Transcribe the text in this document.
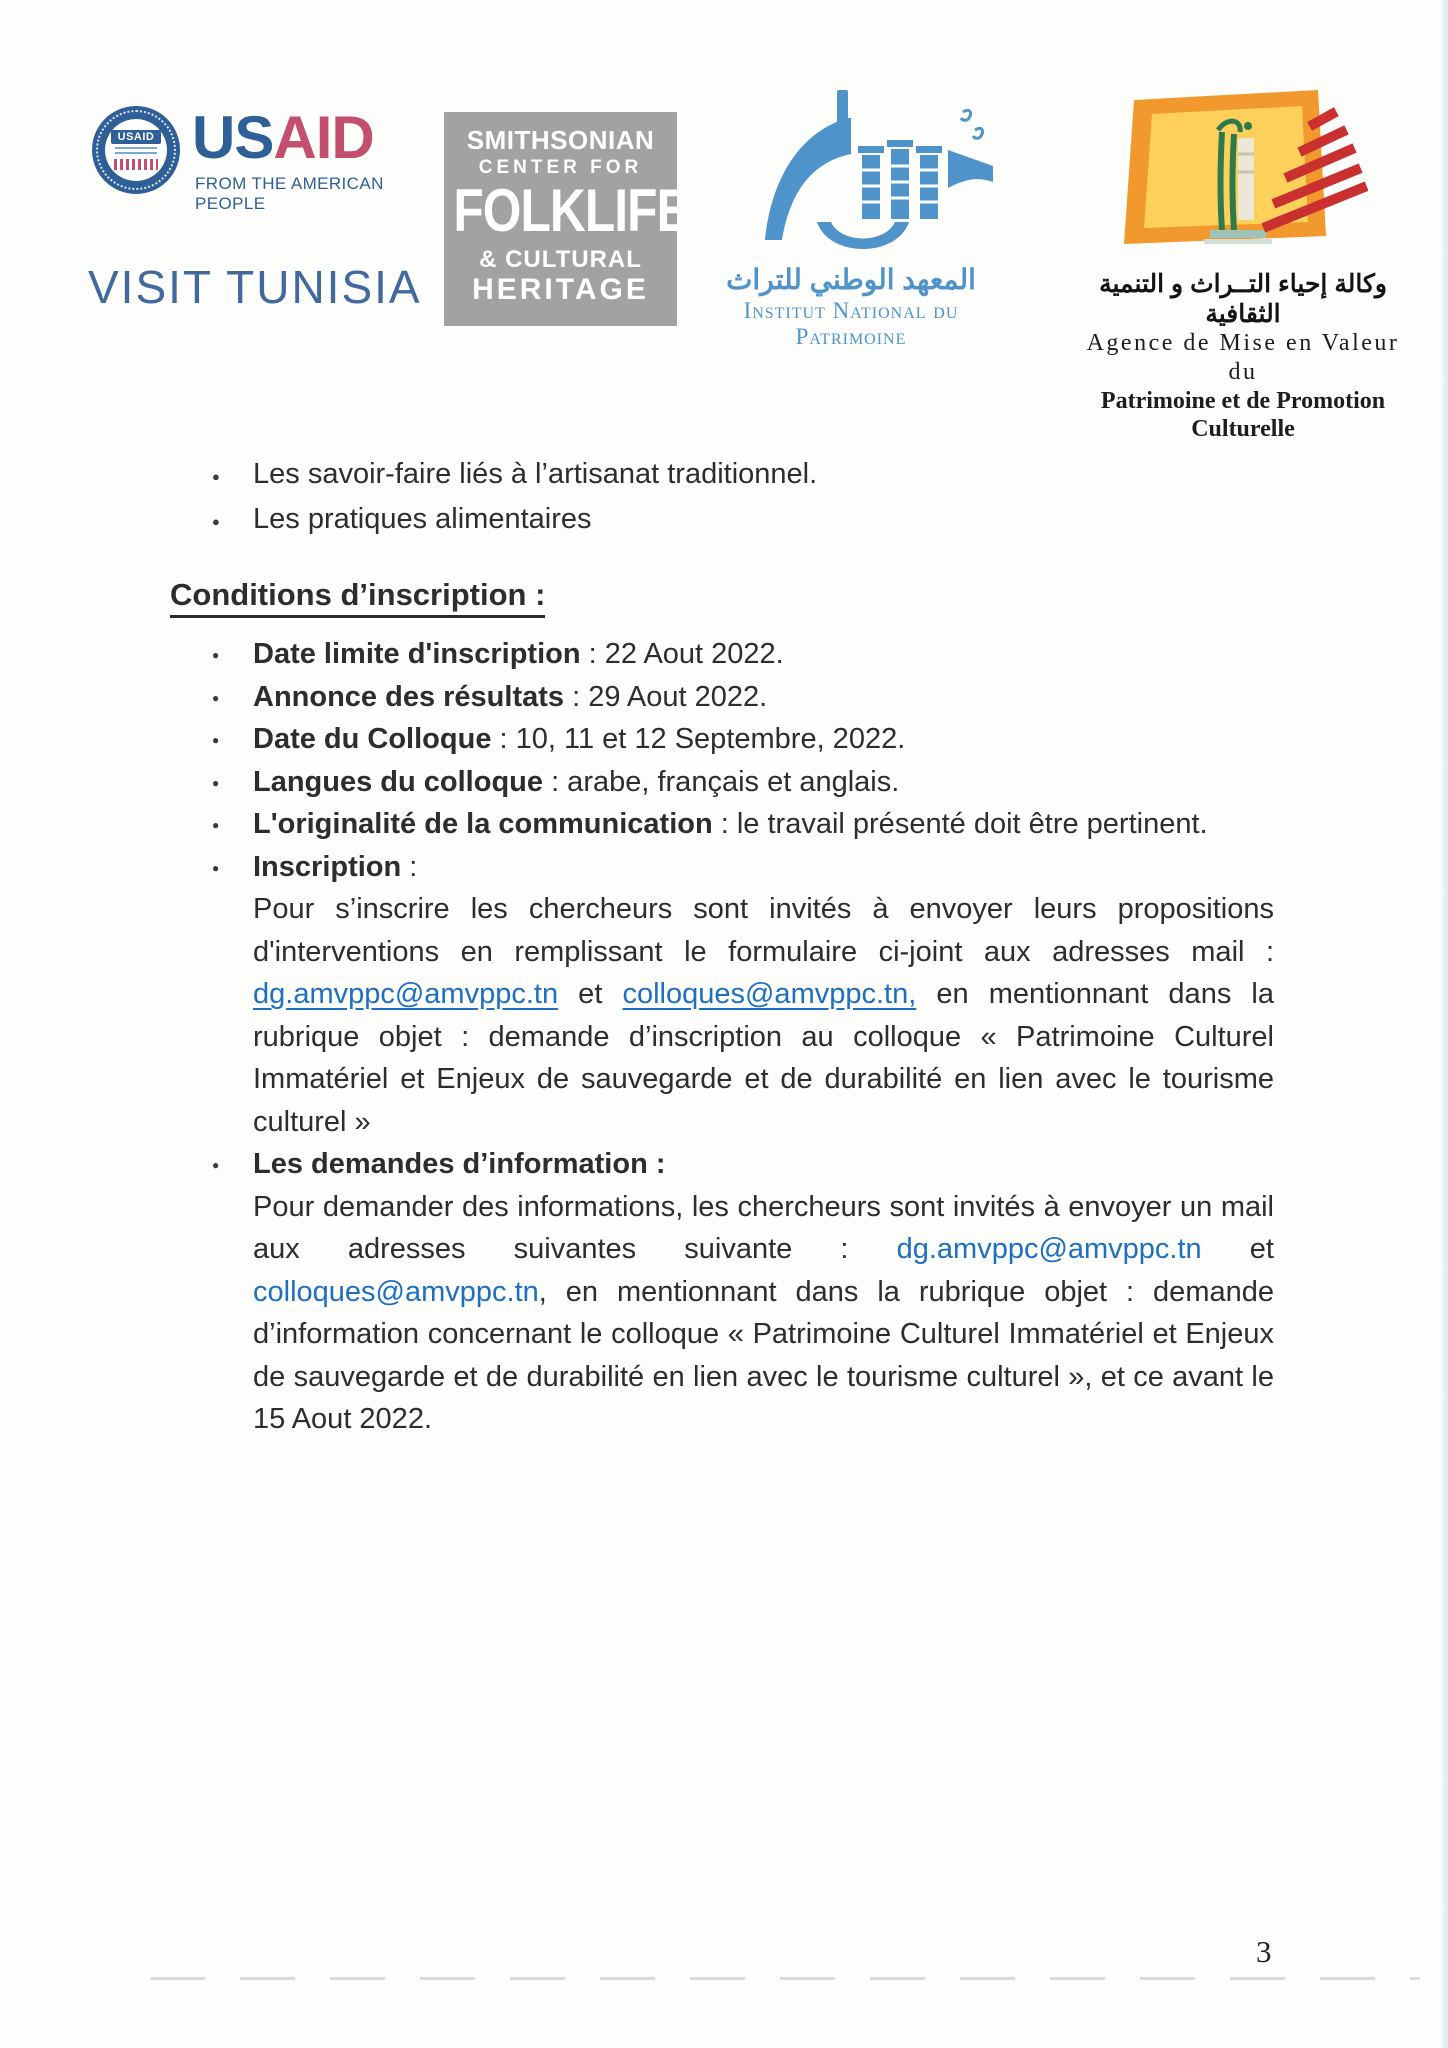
USAID USAID
FROM THE AMERICAN PEOPLE
VISIT TUNISIA
SMITHSONIAN
CENTER FOR
FOLKLIFE
& CULTURAL
HERITAGE	المعهد الوطني للتراث
Institut National du Patrimoine
وكالة إحياء التــراث و التنمية الثقافية
Agence de Mise en Valeur du
Patrimoine et de Promotion Culturelle
● Les savoir-faire liés à l’artisanat traditionnel.
● Les pratiques alimentaires
Conditions d’inscription :
● Date limite d'inscription : 22 Aout 2022.
● Annonce des résultats : 29 Aout 2022.
● Date du Colloque : 10, 11 et 12 Septembre, 2022.
● Langues du colloque : arabe, français et anglais.
● L'originalité de la communication : le travail présenté doit être pertinent.
● Inscription :

Pour s’inscrire les chercheurs sont invités à envoyer leurs propositions d'interventions en remplissant le formulaire ci-joint aux adresses mail : dg.amvppc@amvppc.tn et colloques@amvppc.tn, en mentionnant dans la rubrique objet : demande d’inscription au colloque « Patrimoine Culturel Immatériel et Enjeux de sauvegarde et de durabilité en lien avec le tourisme culturel »

● Les demandes d’information :

Pour demander des informations, les chercheurs sont invités à envoyer un mail aux adresses suivantes suivante : dg.amvppc@amvppc.tn et colloques@amvppc.tn, en mentionnant dans la rubrique objet : demande d’information concernant le colloque « Patrimoine Culturel Immatériel et Enjeux de sauvegarde et de durabilité en lien avec le tourisme culturel », et ce avant le 15 Aout 2022.

3
